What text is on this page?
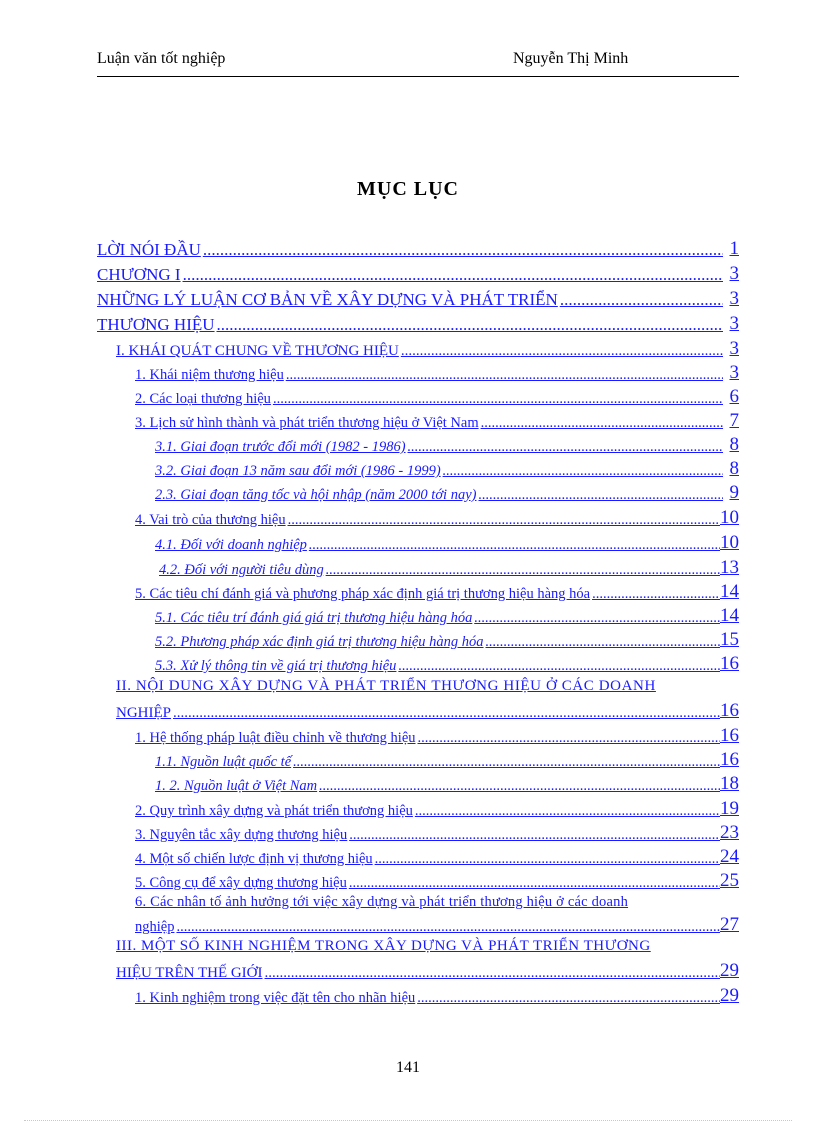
Luận văn tốt nghiệp	Nguyễn Thị Minh
MỤC LỤC
LỜI NÓI ĐẦU .....	1
CHƯƠNG I .....	3
NHỮNG LÝ LUẬN CƠ BẢN VỀ XÂY DỰNG VÀ PHÁT TRIỂN .....	3
THƯƠNG HIỆU .....	3
I. KHÁI QUÁT CHUNG VỀ THƯƠNG HIỆU .....	3
1. Khái niệm thương hiệu .....	3
2. Các loại thương hiệu .....	6
3. Lịch sử hình thành và phát triển thương hiệu ở Việt Nam .....	7
3.1. Giai đoạn trước đổi mới (1982 - 1986) .....	8
3.2. Giai đoạn 13 năm sau đổi mới (1986 - 1999) .....	8
2.3. Giai đoạn tăng tốc và hội nhập (năm 2000 tới nay) .....	9
4. Vai trò của thương hiệu .....	10
4.1. Đối với doanh nghiệp .....	10
4.2. Đối với người tiêu dùng .....	13
5. Các tiêu chí đánh giá và phương pháp xác định giá trị thương hiệu hàng hóa .....	14
5.1. Các tiêu trí đánh giá giá trị thương hiệu hàng hóa .....	14
5.2. Phương pháp xác định giá trị thương hiệu hàng hóa .....	15
5.3. Xử lý thông tin về giá trị thương hiệu .....	16
II. NỘI DUNG XÂY DỰNG VÀ PHÁT TRIỂN THƯƠNG HIỆU Ở CÁC DOANH
NGHIỆP .....	16
1. Hệ thống pháp luật điều chỉnh về thương hiệu .....	16
1.1. Nguồn luật quốc tế .....	16
1. 2. Nguồn luật ở Việt Nam .....	18
2. Quy trình xây dựng và phát triển thương hiệu .....	19
3. Nguyên tắc xây dựng thương hiệu .....	23
4. Một số chiến lược định vị thương hiệu .....	24
5. Công cụ để xây dựng thương hiệu .....	25
6. Các nhân tố ảnh hưởng tới việc xây dựng và phát triển thương hiệu ở các doanh
nghiệp .....	27
III. MỘT SỐ KINH NGHIỆM TRONG XÂY DỰNG VÀ PHÁT TRIỂN THƯƠNG
HIỆU TRÊN THẾ GIỚI .....	29
1. Kinh nghiệm trong việc đặt tên cho nhãn hiệu .....	29
141
